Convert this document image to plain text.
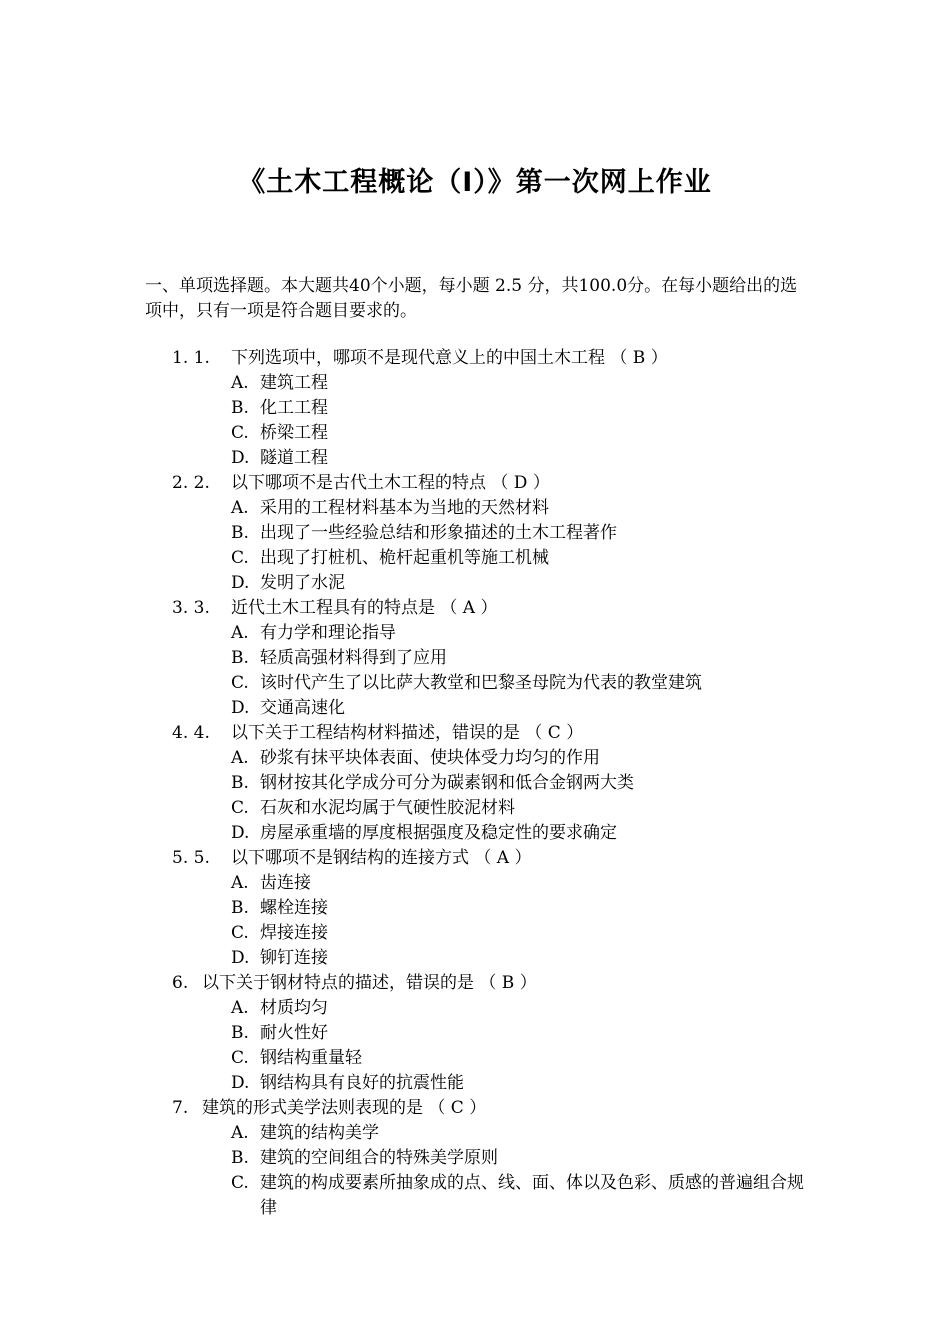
《土木工程概论（Ⅰ）》第一次网上作业
一、单项选择题。本大题共40个小题，每小题 2.5 分，共100.0分。在每小题给出的选项中，只有一项是符合题目要求的。
1. 1. 下列选项中，哪项不是现代意义上的中国土木工程 （ B ）
A. 建筑工程
B. 化工工程
C. 桥梁工程
D. 隧道工程
2. 2. 以下哪项不是古代土木工程的特点 （ D ）
A. 采用的工程材料基本为当地的天然材料
B. 出现了一些经验总结和形象描述的土木工程著作
C. 出现了打桩机、桅杆起重机等施工机械
D. 发明了水泥
3. 3. 近代土木工程具有的特点是 （ A ）
A. 有力学和理论指导
B. 轻质高强材料得到了应用
C. 该时代产生了以比萨大教堂和巴黎圣母院为代表的教堂建筑
D. 交通高速化
4. 4. 以下关于工程结构材料描述，错误的是 （ C ）
A. 砂浆有抹平块体表面、使块体受力均匀的作用
B. 钢材按其化学成分可分为碳素钢和低合金钢两大类
C. 石灰和水泥均属于气硬性胶泥材料
D. 房屋承重墙的厚度根据强度及稳定性的要求确定
5. 5. 以下哪项不是钢结构的连接方式 （ A ）
A. 齿连接
B. 螺栓连接
C. 焊接连接
D. 铆钉连接
6. 以下关于钢材特点的描述，错误的是 （ B ）
A. 材质均匀
B. 耐火性好
C. 钢结构重量轻
D. 钢结构具有良好的抗震性能
7. 建筑的形式美学法则表现的是 （ C ）
A. 建筑的结构美学
B. 建筑的空间组合的特殊美学原则
C. 建筑的构成要素所抽象成的点、线、面、体以及色彩、质感的普遍组合规律
